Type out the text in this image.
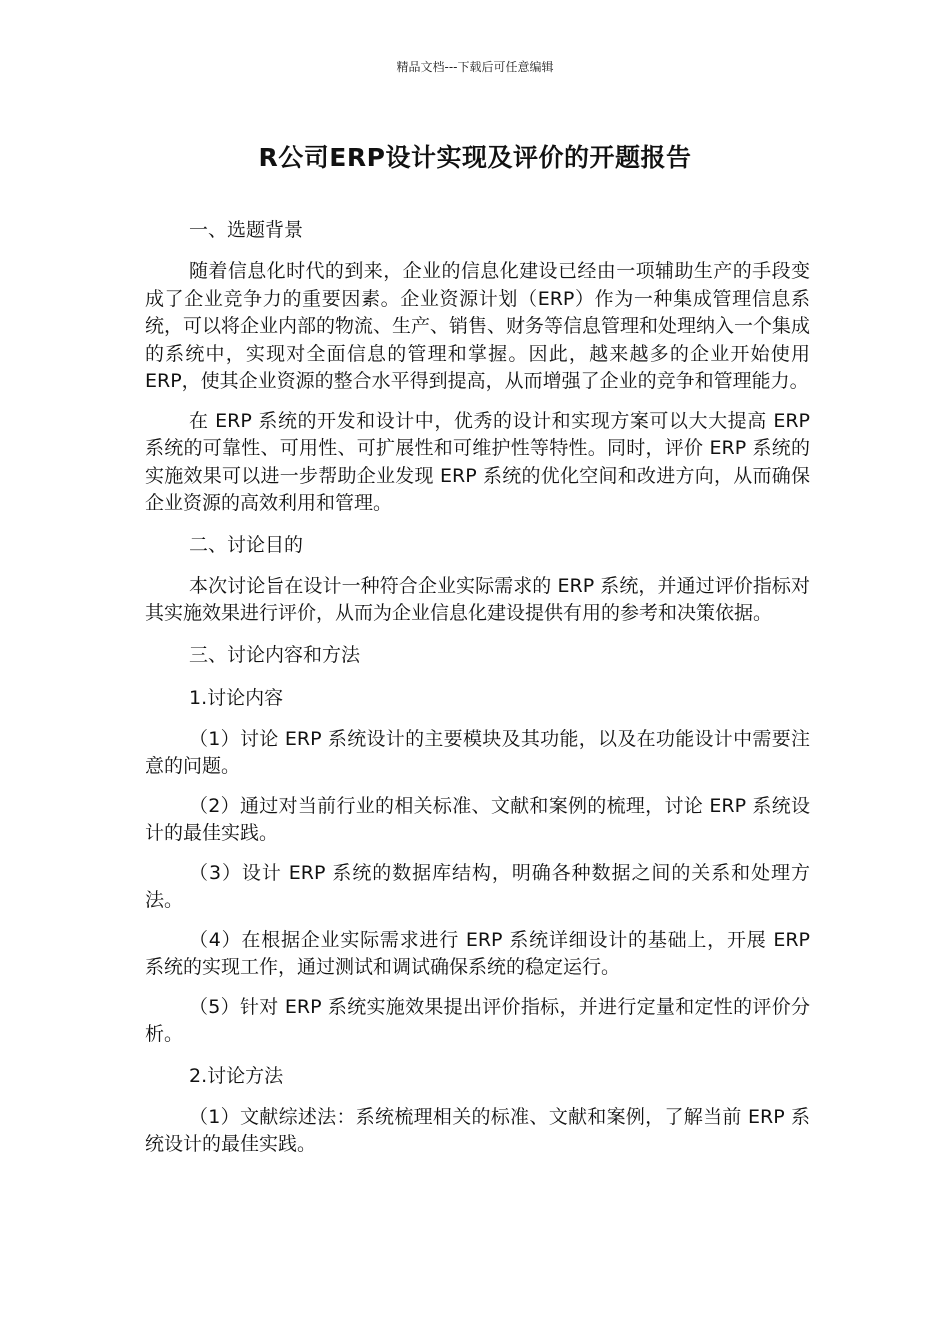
精品文档---下载后可任意编辑
R公司ERP设计实现及评价的开题报告

一、选题背景

随着信息化时代的到来，企业的信息化建设已经由一项辅助生产的手段变成了企业竞争力的重要因素。企业资源计划（ERP）作为一种集成管理信息系统，可以将企业内部的物流、生产、销售、财务等信息管理和处理纳入一个集成的系统中，实现对全面信息的管理和掌握。因此，越来越多的企业开始使用 ERP，使其企业资源的整合水平得到提高，从而增强了企业的竞争和管理能力。

在 ERP 系统的开发和设计中，优秀的设计和实现方案可以大大提高 ERP 系统的可靠性、可用性、可扩展性和可维护性等特性。同时，评价 ERP 系统的实施效果可以进一步帮助企业发现 ERP 系统的优化空间和改进方向，从而确保企业资源的高效利用和管理。

二、讨论目的

本次讨论旨在设计一种符合企业实际需求的 ERP 系统，并通过评价指标对其实施效果进行评价，从而为企业信息化建设提供有用的参考和决策依据。

三、讨论内容和方法

1.讨论内容

（1）讨论 ERP 系统设计的主要模块及其功能，以及在功能设计中需要注意的问题。

（2）通过对当前行业的相关标准、文献和案例的梳理，讨论 ERP 系统设计的最佳实践。

（3）设计 ERP 系统的数据库结构，明确各种数据之间的关系和处理方法。

（4）在根据企业实际需求进行 ERP 系统详细设计的基础上，开展 ERP 系统的实现工作，通过测试和调试确保系统的稳定运行。

（5）针对 ERP 系统实施效果提出评价指标，并进行定量和定性的评价分析。

2.讨论方法

（1）文献综述法：系统梳理相关的标准、文献和案例，了解当前 ERP 系统设计的最佳实践。
